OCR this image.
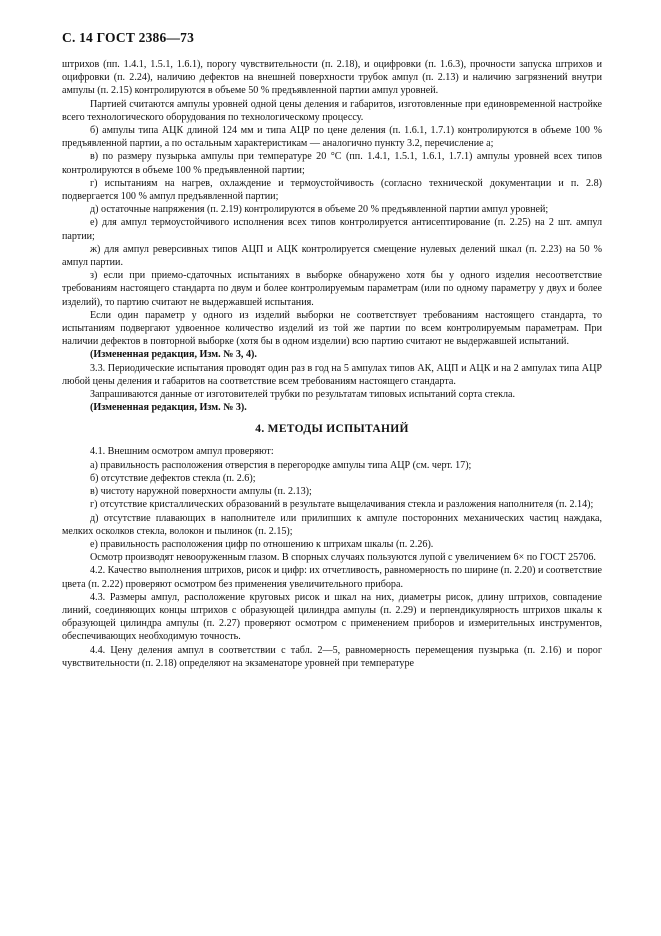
С. 14 ГОСТ 2386—73

штрихов (пп. 1.4.1, 1.5.1, 1.6.1), порогу чувствительности (п. 2.18), и оцифровки (п. 1.6.3), прочности запуска штрихов и оцифровки (п. 2.24), наличию дефектов на внешней поверхности трубок ампул (п. 2.13) и наличию загрязнений внутри ампулы (п. 2.15) контролируются в объеме 50 % предъявленной партии ампул уровней.

Партией считаются ампулы уровней одной цены деления и габаритов, изготовленные при единовременной настройке всего технологического оборудования по технологическому процессу.

б) ампулы типа АЦК длиной 124 мм и типа АЦР по цене деления (п. 1.6.1, 1.7.1) контролируются в объеме 100 % предъявленной партии, а по остальным характеристикам — аналогично пункту 3.2, перечисление а;

в) по размеру пузырька ампулы при температуре 20 °С (пп. 1.4.1, 1.5.1, 1.6.1, 1.7.1) ампулы уровней всех типов контролируются в объеме 100 % предъявленной партии;

г) испытаниям на нагрев, охлаждение и термоустойчивость (согласно технической документации и п. 2.8) подвергается 100 % ампул предъявленной партии;

д) остаточные напряжения (п. 2.19) контролируются в объеме 20 % предъявленной партии ампул уровней;

е) для ампул термоустойчивого исполнения всех типов контролируется антисептирование (п. 2.25) на 2 шт. ампул партии;

ж) для ампул реверсивных типов АЦП и АЦК контролируется смещение нулевых делений шкал (п. 2.23) на 50 % ампул партии.

з) если при приемо-сдаточных испытаниях в выборке обнаружено хотя бы у одного изделия несоответствие требованиям настоящего стандарта по двум и более контролируемым параметрам (или по одному параметру у двух и более изделий), то партию считают не выдержавшей испытания.

Если один параметр у одного из изделий выборки не соответствует требованиям настоящего стандарта, то испытаниям подвергают удвоенное количество изделий из той же партии по всем контролируемым параметрам. При наличии дефектов в повторной выборке (хотя бы в одном изделии) всю партию считают не выдержавшей испытаний.

(Измененная редакция, Изм. № 3, 4).

3.3. Периодические испытания проводят один раз в год на 5 ампулах типов АК, АЦП и АЦК и на 2 ампулах типа АЦР любой цены деления и габаритов на соответствие всем требованиям настоящего стандарта.

Запрашиваются данные от изготовителей трубки по результатам типовых испытаний сорта стекла.

(Измененная редакция, Изм. № 3).

4. МЕТОДЫ ИСПЫТАНИЙ

4.1. Внешним осмотром ампул проверяют:

а) правильность расположения отверстия в перегородке ампулы типа АЦР (см. черт. 17);

б) отсутствие дефектов стекла (п. 2.6);

в) чистоту наружной поверхности ампулы (п. 2.13);

г) отсутствие кристаллических образований в результате выщелачивания стекла и разложения наполнителя (п. 2.14);

д) отсутствие плавающих в наполнителе или прилипших к ампуле посторонних механических частиц наждака, мелких осколков стекла, волокон и пылинок (п. 2.15);

е) правильность расположения цифр по отношению к штрихам шкалы (п. 2.26).

Осмотр производят невооруженным глазом. В спорных случаях пользуются лупой с увеличением 6× по ГОСТ 25706.

4.2. Качество выполнения штрихов, рисок и цифр: их отчетливость, равномерность по ширине (п. 2.20) и соответствие цвета (п. 2.22) проверяют осмотром без применения увеличительного прибора.

4.3. Размеры ампул, расположение круговых рисок и шкал на них, диаметры рисок, длину штрихов, совпадение линий, соединяющих концы штрихов с образующей цилиндра ампулы (п. 2.29) и перпендикулярность штрихов шкалы к образующей цилиндра ампулы (п. 2.27) проверяют осмотром с применением приборов и измерительных инструментов, обеспечивающих необходимую точность.

4.4. Цену деления ампул в соответствии с табл. 2—5, равномерность перемещения пузырька (п. 2.16) и порог чувствительности (п. 2.18) определяют на экзаменаторе уровней при температуре
